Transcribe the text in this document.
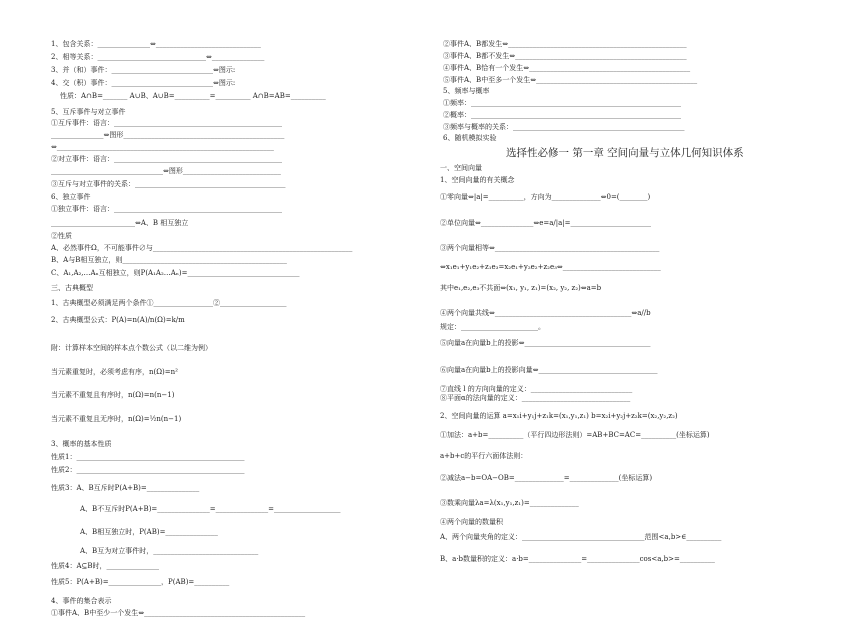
1、包含关系：_______________⇔______________________________
2、相等关系：_______________________________⇔_______________
3、并（和）事件：_____________________________⇔图示:
4、交（积）事件：_____________________________⇔图示:
性质：A∩B=_______ A∪B、A∪B=__________=__________ A∩B=AB=__________
5、互斥事件与对立事件
①互斥事件：语言：________________________________________________
_______________⇔图形______________________________________________
⇔______________________________________________________________
②对立事件：语言：________________________________________________
________________________________⇔图形____________________________
③互斥与对立事件的关系：___________________________________________
6、独立事件
①独立事件：语言：________________________________________________
________________________⇔A、B 相互独立
②性质
A、必然事件Ω，不可能事件∅与_________________________________________________________
B、A与B相互独立，则_______________________________________________
C、A₁,A₂,…Aₙ互相独立，则P(A₁A₂…Aₙ)=________________________________
三、古典概型
1、古典概型必须满足两个条件①_________________②___________________
2、古典概型公式：P(A)=n(A)/n(Ω)=k/m
附：计算样本空间的样本点个数公式（以二维为例）
当元素重复时，必须考虑有序，n(Ω)=n²
当元素不重复且有序时，n(Ω)=n(n−1)
当元素不重复且无序时，n(Ω)=½n(n−1)
3、概率的基本性质
性质1：________________________________________________
性质2：________________________________________________
性质3：A、B互斥时P(A+B)=_______________
A、B不互斥时P(A+B)=_______________=_______________=___________________
A、B相互独立时，P(AB)=_______________
A、B互为对立事件时，______________________________
性质4：A⊆B时，_______________
性质5：P(A+B)=_______________，P(AB)=__________
4、事件的集合表示
①事件A、B中至少一个发生⇔______________________________________________
②事件A、B都发生⇔___________________________________________________
③事件A、B都不发生⇔_________________________________________________
④事件A、B恰有一个发生⇔______________________________________________
⑤事件A、B中至多一个发生⇔______________________________________________
5、频率与概率
①频率：____________________________________________________________
②概率：____________________________________________________________
③频率与概率的关系：_________________________________________________
6、随机模拟实验
一、空间向量
1、空间向量的有关概念
①零向量⇔|a|=__________，方向为______________⇔0=(________)
②单位向量⇔_______________⇔e=a/|a|=_______________________
③两个向量相等⇔_______________________________________________
⇔x₁e₁+y₁e₂+z₁e₃=x₂e₁+y₂e₂+z₂e₃⇔____________________________
其中e₁,e₂,e₃不共面⇔(x₁, y₁, z₁)=(x₂, y₂, z₂)⇔a=b
④两个向量共线⇔_______________________________________⇔a//b
规定：______________________。
⑤向量a在向量b上的投影⇔____________________________________
⑥向量a在向量b上的投影向量⇔__________________________________
⑦直线 l 的方向向量的定义：_____________________________
⑧平面α的法向量的定义：_______________________________
2、空间向量的运算 a=x₁i+y₁j+z₁k=(x₁,y₁,z₁) b=x₂i+y₂j+z₂k=(x₂,y₂,z₂)
①加法：a+b=__________（平行四边形法则）=AB+BC=AC=__________(坐标运算)
a+b+c的平行六面体法则：
②减法a−b=OA−OB=______________=______________(坐标运算)
③数乘向量λa=λ(x₁,y₁,z₁)=______________
④两个向量的数量积
A、两个向量夹角的定义：___________________________________范围<a,b>∈__________
B、a·b数量积的定义：a·b=_______________=_______________cos<a,b>=__________
选择性必修一 第一章 空间向量与立体几何知识体系
